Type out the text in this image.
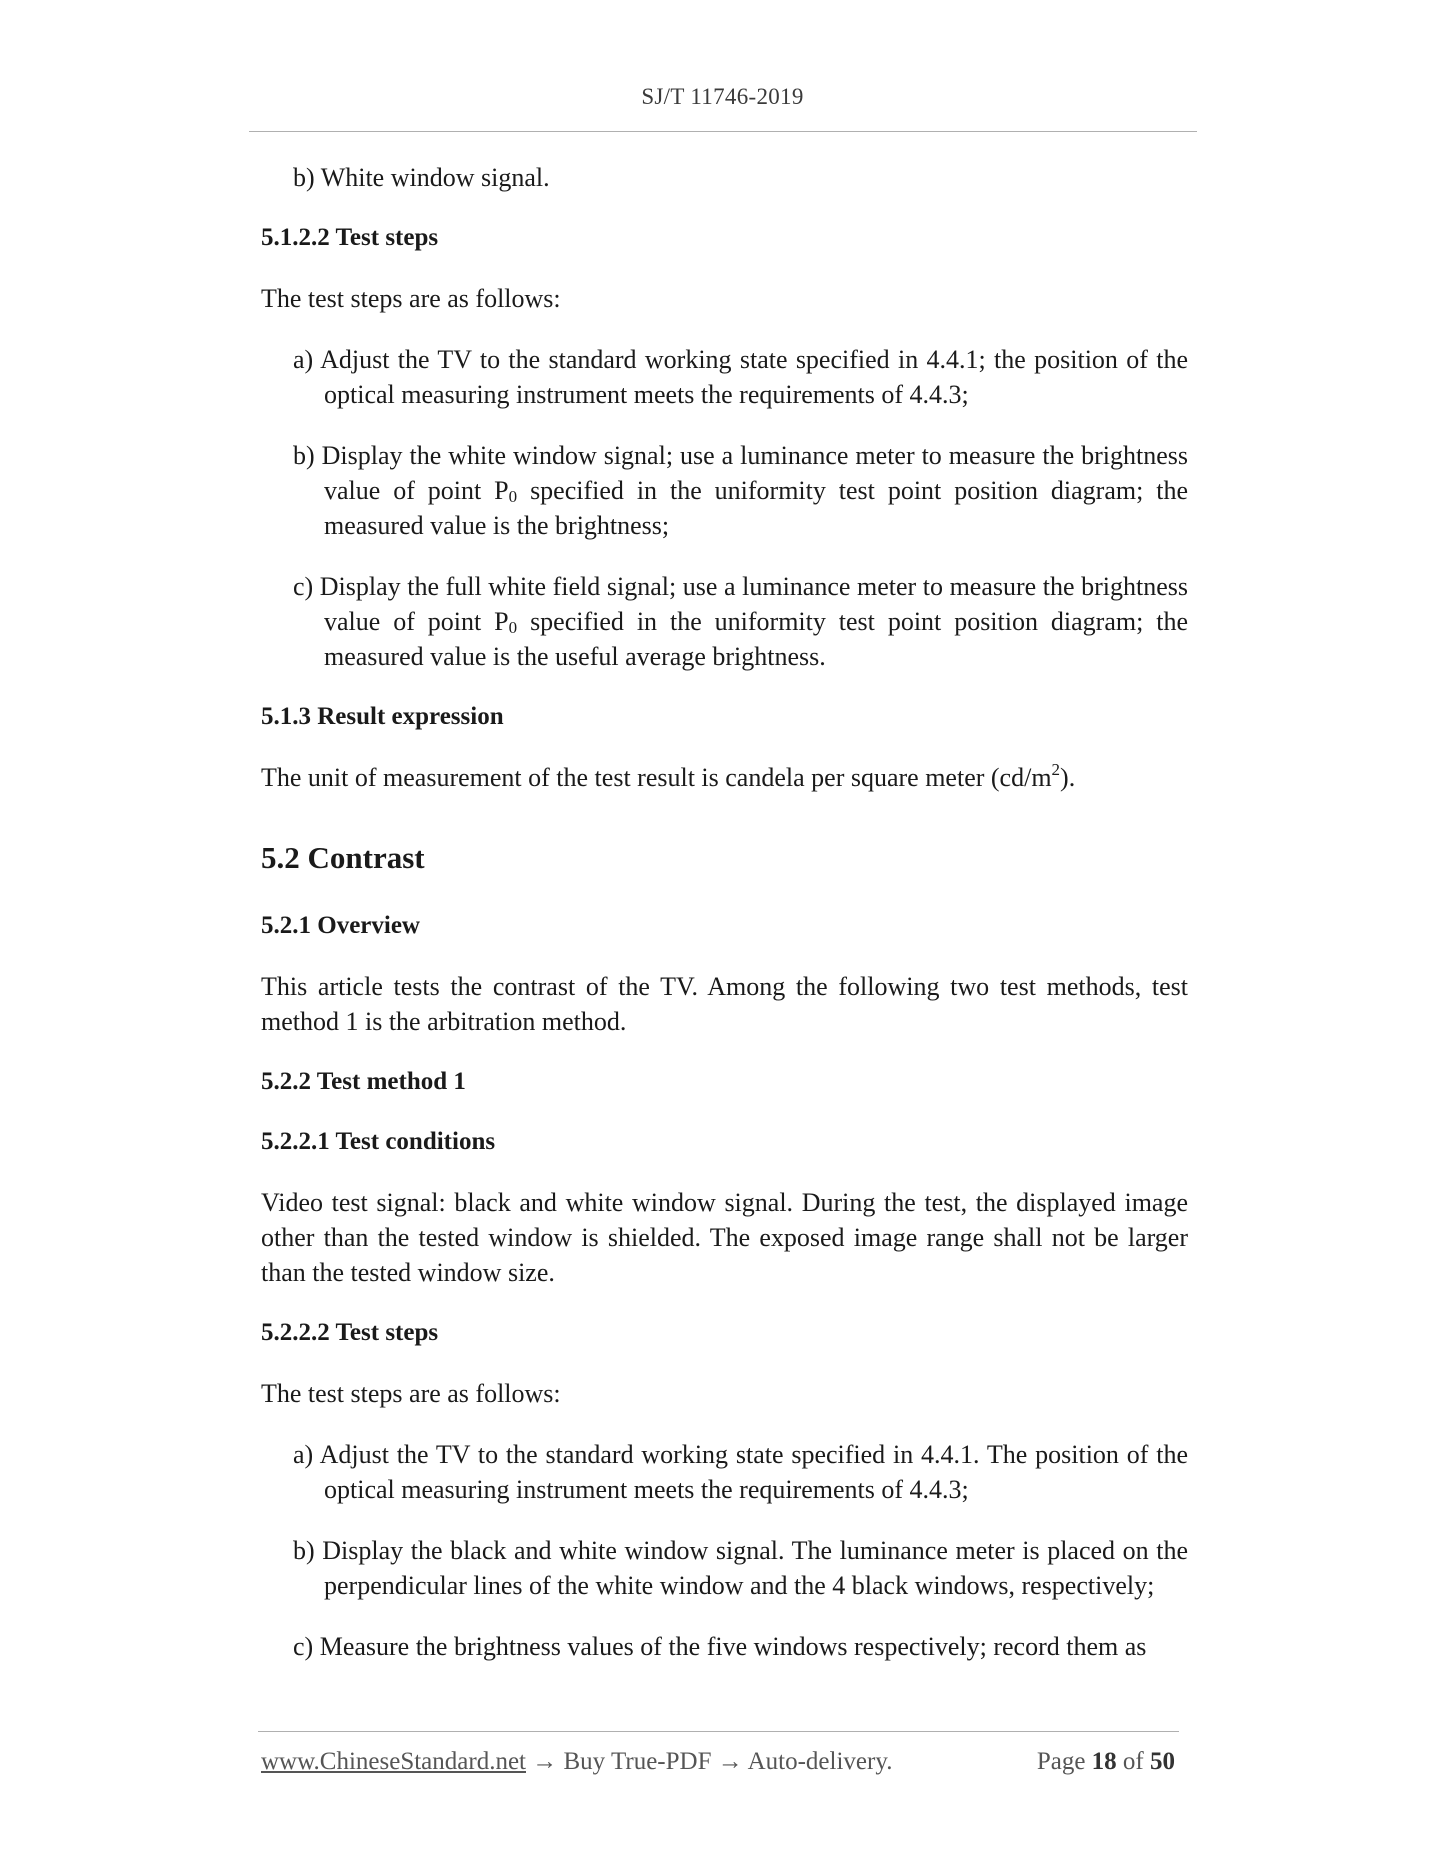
SJ/T 11746-2019

b) White window signal.

5.1.2.2 Test steps

The test steps are as follows:

a) Adjust the TV to the standard working state specified in 4.4.1; the position of the optical measuring instrument meets the requirements of 4.4.3;

b) Display the white window signal; use a luminance meter to measure the brightness value of point P0 specified in the uniformity test point position diagram; the measured value is the brightness;

c) Display the full white field signal; use a luminance meter to measure the brightness value of point P0 specified in the uniformity test point position diagram; the measured value is the useful average brightness.

5.1.3 Result expression

The unit of measurement of the test result is candela per square meter $(cd/m^2)$.

5.2 Contrast

5.2.1 Overview

This article tests the contrast of the TV. Among the following two test methods, test method 1 is the arbitration method.

5.2.2 Test method 1

5.2.2.1 Test conditions

Video test signal: black and white window signal. During the test, the displayed image other than the tested window is shielded. The exposed image range shall not be larger than the tested window size.

5.2.2.2 Test steps

The test steps are as follows:

a) Adjust the TV to the standard working state specified in 4.4.1. The position of the optical measuring instrument meets the requirements of 4.4.3;

b) Display the black and white window signal. The luminance meter is placed on the perpendicular lines of the white window and the 4 black windows, respectively;

c) Measure the brightness values of the five windows respectively; record them as

www.ChineseStandard.net → Buy True-PDF → Auto-delivery.	Page 18 of 50
